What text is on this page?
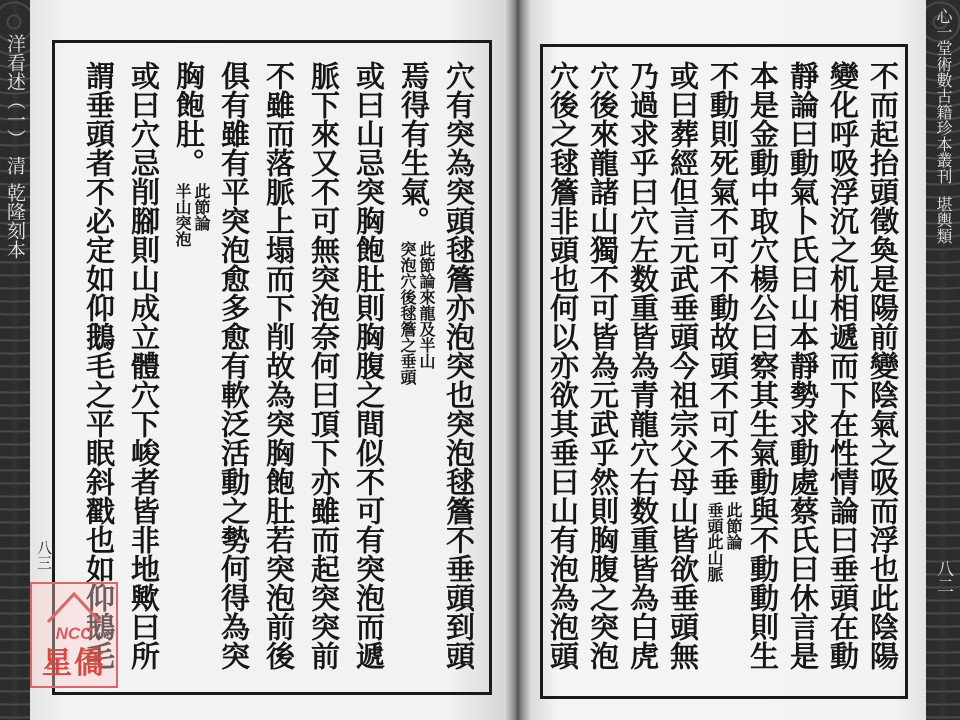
洋看述（一）清乾隆刻本
心一堂術數古籍珍本叢刊堪輿類
八二
八三	穴有突為突頭毬簷亦泡突也突泡毬簷不垂頭到頭
焉得有生氣。
此節論來龍及半山
突泡穴後毬簷之垂頭
或曰山忌突胸飽肚則胸腹之間似不可有突泡而遞
脈下來又不可無突泡奈何曰頂下亦雖而起突突前
不雖而落脈上塌而下削故為突胸飽肚若突泡前後
俱有雖有平突泡愈多愈有軟泛活動之勢何得為突
胸飽肚。
此節論
半山突泡
或曰穴忌削腳則山成立體穴下峻者皆非地歟曰所
謂垂頭者不必定如仰鵝毛之平眠斜戳也如仰鵝毛	不而起抬頭徵奐是陽前變陰氣之吸而浮也此陰陽
變化呼吸浮沉之机相遞而下在性情論曰垂頭在動
靜論曰動氣卜氏曰山本靜勢求動處蔡氏曰休言是
本是金動中取穴楊公曰察其生氣動與不動動則生
不動則死氣不可不動故頭不可不垂
此節論
垂頭此山脈
或曰葬經但言元武垂頭今祖宗父母山皆欲垂頭無
乃過求乎曰穴左数重皆為青龍穴右数重皆為白虎
穴後來龍諸山獨不可皆為元武乎然則胸腹之突泡
穴後之毬簷非頭也何以亦欲其垂曰山有泡為泡頭
NCC
星僑
